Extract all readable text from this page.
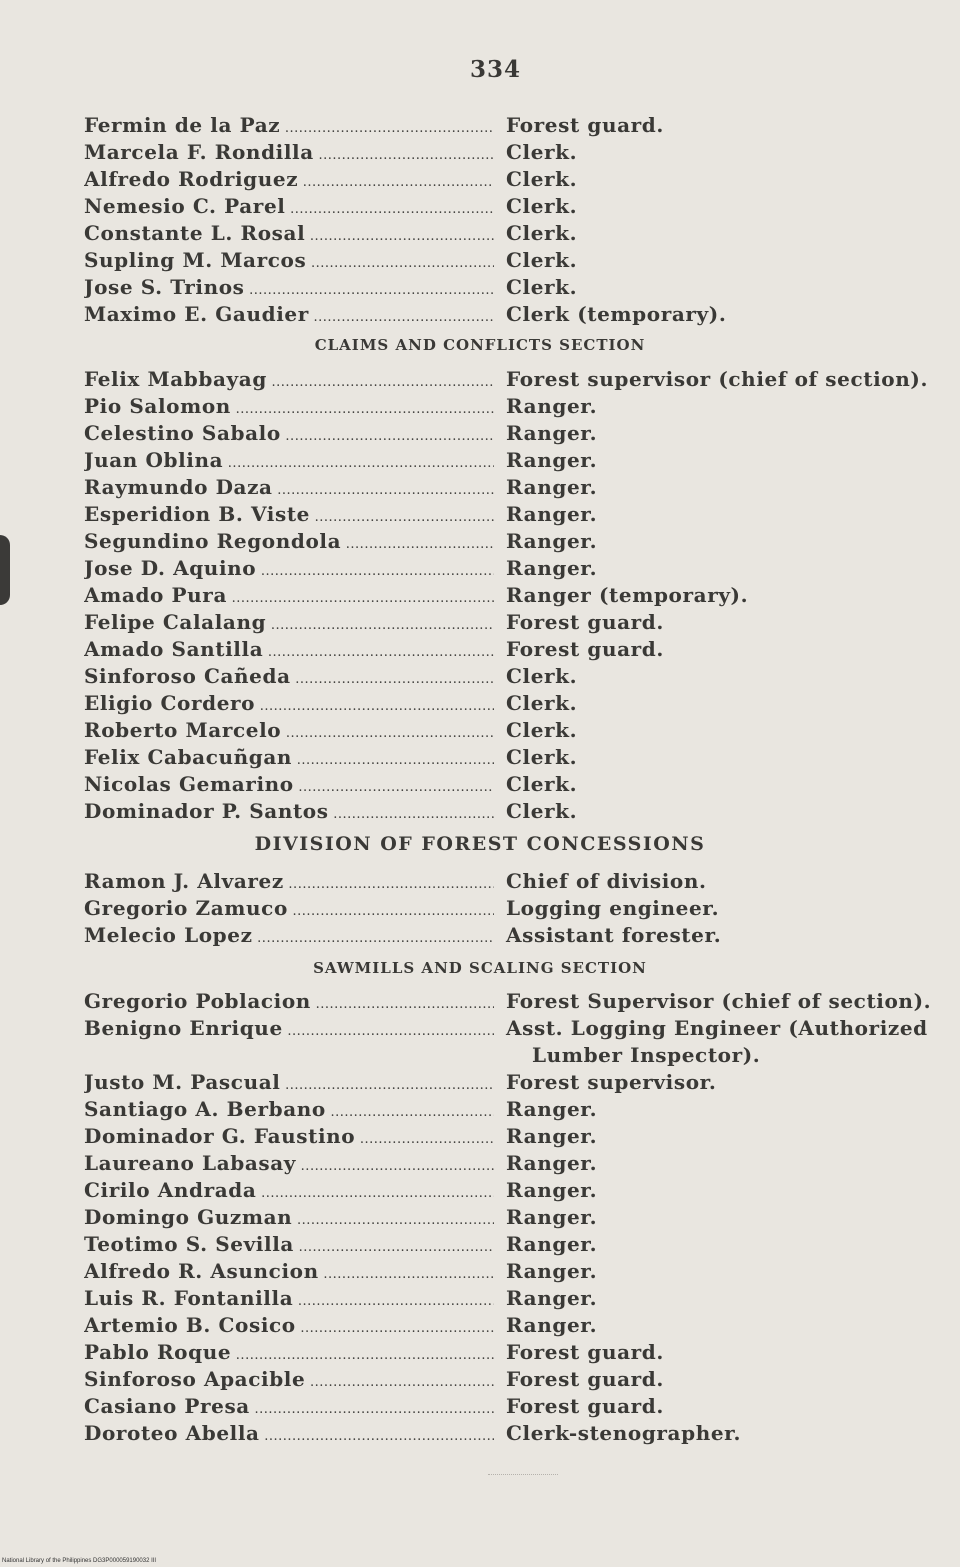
334
Fermin de la Paz .....	Forest guard.
Marcela F. Rondilla .....	Clerk.
Alfredo Rodriguez .....	Clerk.
Nemesio C. Parel .....	Clerk.
Constante L. Rosal .....	Clerk.
Supling M. Marcos .....	Clerk.
Jose S. Trinos .....	Clerk.
Maximo E. Gaudier .....	Clerk (temporary).
CLAIMS AND CONFLICTS SECTION
Felix Mabbayag .....	Forest supervisor (chief of section).
Pio Salomon .....	Ranger.
Celestino Sabalo .....	Ranger.
Juan Oblina .....	Ranger.
Raymundo Daza .....	Ranger.
Esperidion B. Viste .....	Ranger.
Segundino Regondola .....	Ranger.
Jose D. Aquino .....	Ranger.
Amado Pura .....	Ranger (temporary).
Felipe Calalang .....	Forest guard.
Amado Santilla .....	Forest guard.
Sinforoso Cañeda .....	Clerk.
Eligio Cordero .....	Clerk.
Roberto Marcelo .....	Clerk.
Felix Cabacuñgan .....	Clerk.
Nicolas Gemarino .....	Clerk.
Dominador P. Santos .....	Clerk.
DIVISION OF FOREST CONCESSIONS
Ramon J. Alvarez .....	Chief of division.
Gregorio Zamuco .....	Logging engineer.
Melecio Lopez .....	Assistant forester.
SAWMILLS AND SCALING SECTION
Gregorio Poblacion .....	Forest Supervisor (chief of section).
Benigno Enrique .....	Asst. Logging Engineer (Authorized
Lumber Inspector).
Justo M. Pascual .....	Forest supervisor.
Santiago A. Berbano .....	Ranger.
Dominador G. Faustino .....	Ranger.
Laureano Labasay .....	Ranger.
Cirilo Andrada .....	Ranger.
Domingo Guzman .....	Ranger.
Teotimo S. Sevilla .....	Ranger.
Alfredo R. Asuncion .....	Ranger.
Luis R. Fontanilla .....	Ranger.
Artemio B. Cosico .....	Ranger.
Pablo Roque .....	Forest guard.
Sinforoso Apacible .....	Forest guard.
Casiano Presa .....	Forest guard.
Doroteo Abella .....	Clerk-stenographer.
National Library of the Philippines DG3P000059190032 III
